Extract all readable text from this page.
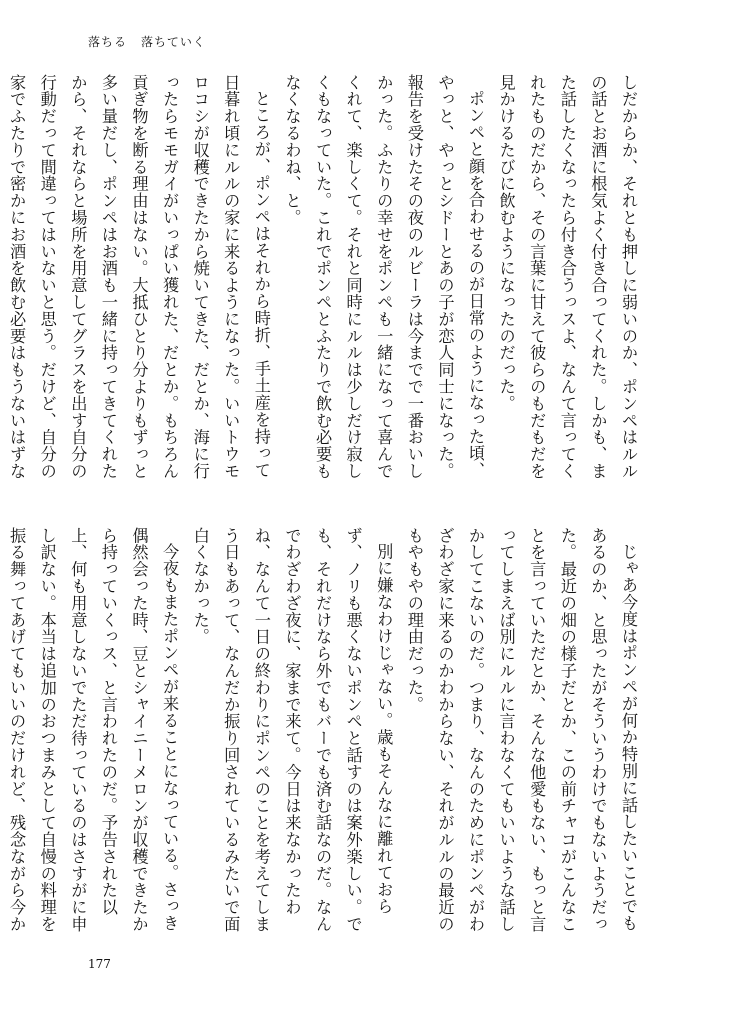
落ちる 落ちていく

しだからか、それとも押しに弱いのか、ポンペはルルの話とお酒に根気よく付き合ってくれた。しかも、また話したくなったら付き合うっスよ、なんて言ってくれたものだから、その言葉に甘えて彼らのもだもだを見かけるたびに飲むようになったのだった。

ポンペと顔を合わせるのが日常のようになった頃、やっと、やっとシドーとあの子が恋人同士になった。報告を受けたその夜のルビーラは今までで一番おいしかった。ふたりの幸せをポンペも一緒になって喜んでくれて、楽しくて。それと同時にルルは少しだけ寂しくもなっていた。これでポンペとふたりで飲む必要もなくなるわね、と。

ところが、ポンペはそれから時折、手土産を持って日暮れ頃にルルの家に来るようになった。いいトウモロコシが収穫できたから焼いてきた、だとか、海に行ったらモモガイがいっぱい獲れた、だとか。もちろん貢ぎ物を断る理由はない。大抵ひとり分よりもずっと多い量だし、ポンペはお酒も一緒に持ってきてくれたから、それならと場所を用意してグラスを出す自分の行動だって間違ってはいないと思う。だけど、自分の家でふたりで密かにお酒を飲む必要はもうないはずな

じゃあ今度はポンペが何か特別に話したいことでもあるのか、と思ったがそういうわけでもないようだった。最近の畑の様子だとか、この前チャコがこんなことを言っていただとか、そんな他愛もない、もっと言ってしまえば別にルルに言わなくてもいいような話しかしてこないのだ。つまり、なんのためにポンペがわざわざ家に来るのかわからない、それがルルの最近のもやもやの理由だった。

別に嫌なわけじゃない。歳もそんなに離れておらず、ノリも悪くないポンペと話すのは案外楽しい。でも、それだけなら外でもバーでも済む話なのだ。なんでわざわざ夜に、家まで来て。今日は来なかったわね、なんて一日の終わりにポンペのことを考えてしまう日もあって、なんだか振り回されているみたいで面白くなかった。

今夜もまたポンペが来ることになっている。さっき偶然会った時、豆とシャイニーメロンが収穫できたから持っていくっス、と言われたのだ。予告された以上、何も用意しないでただ待っているのはさすがに申し訳ない。本当は追加のおつまみとして自慢の料理を振る舞ってあげてもいいのだけれど、残念ながら今か

177
